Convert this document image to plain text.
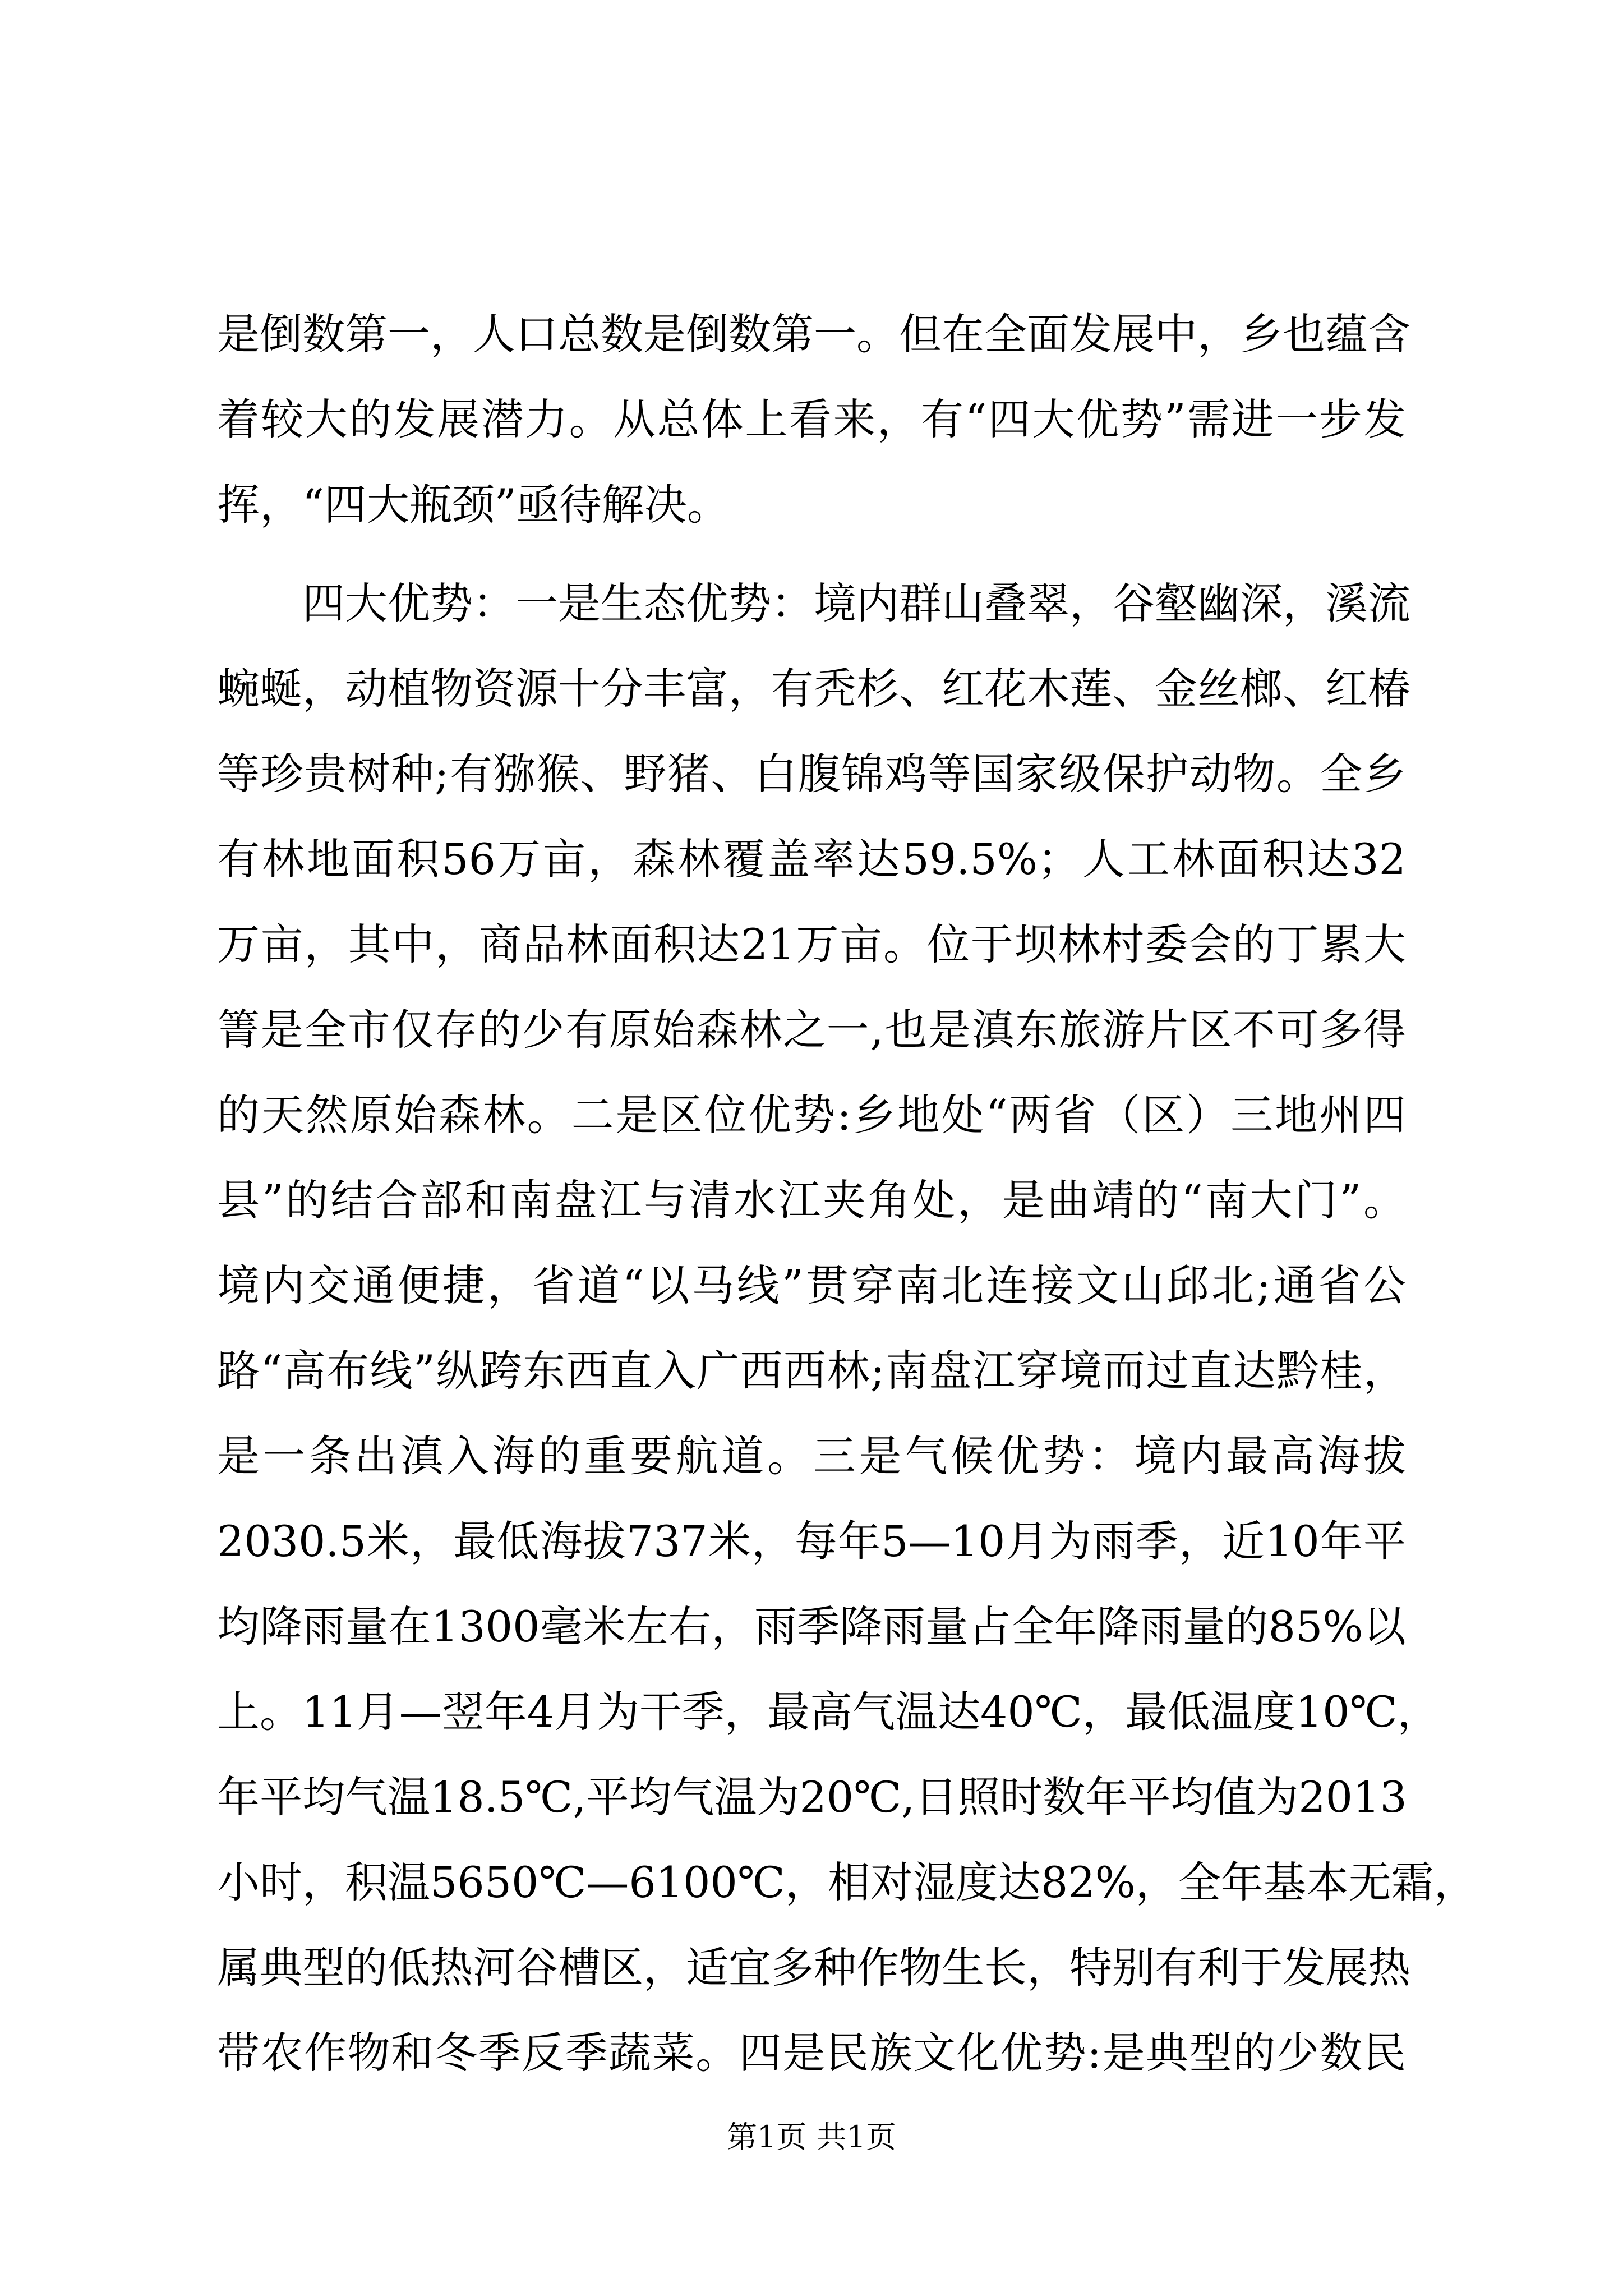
是倒数第一，人口总数是倒数第一。但在全面发展中，乡也蕴含
着较大的发展潜力。从总体上看来，有“四大优势”需进一步发
挥，“四大瓶颈”亟待解决。
四大优势：一是生态优势：境内群山叠翠，谷壑幽深，溪流
蜿蜒，动植物资源十分丰富，有秃杉、红花木莲、金丝榔、红椿
等珍贵树种;有猕猴、野猪、白腹锦鸡等国家级保护动物。全乡
有林地面积56万亩，森林覆盖率达59.5%；人工林面积达32
万亩，其中，商品林面积达21万亩。位于坝林村委会的丁累大
箐是全市仅存的少有原始森林之一,也是滇东旅游片区不可多得
的天然原始森林。二是区位优势:乡地处“两省（区）三地州四
县”的结合部和南盘江与清水江夹角处，是曲靖的“南大门”。
境内交通便捷，省道“以马线”贯穿南北连接文山邱北;通省公
路“高布线”纵跨东西直入广西西林;南盘江穿境而过直达黔桂，
是一条出滇入海的重要航道。三是气候优势：境内最高海拔
2030.5米，最低海拔737米，每年5—10月为雨季，近10年平
均降雨量在1300毫米左右，雨季降雨量占全年降雨量的85%以
上。11月—翌年4月为干季，最高气温达40℃，最低温度10℃，
年平均气温18.5℃,平均气温为20℃,日照时数年平均值为2013
小时，积温5650℃—6100℃，相对湿度达82%，全年基本无霜，
属典型的低热河谷槽区，适宜多种作物生长，特别有利于发展热
带农作物和冬季反季蔬菜。四是民族文化优势:是典型的少数民
第1页 共1页
